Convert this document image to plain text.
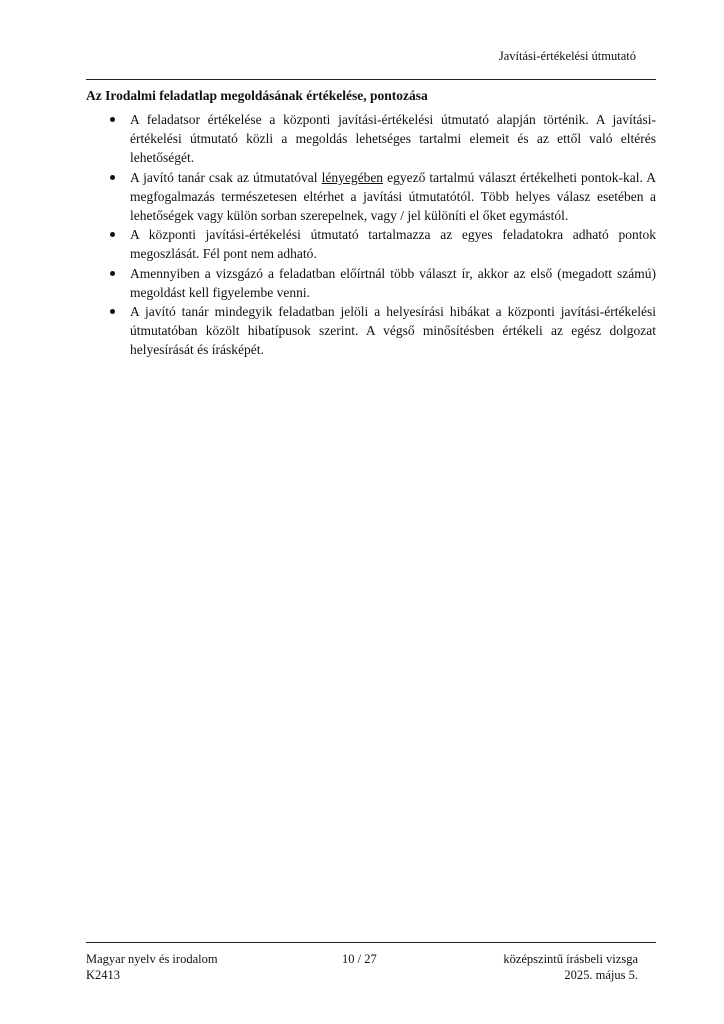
Javítási-értékelési útmutató
Az Irodalmi feladatlap megoldásának értékelése, pontozása
A feladatsor értékelése a központi javítási-értékelési útmutató alapján történik. A javítási-értékelési útmutató közli a megoldás lehetséges tartalmi elemeit és az ettől való eltérés lehetőségét.
A javító tanár csak az útmutatóval lényegében egyező tartalmú választ értékelheti pontok-kal. A megfogalmazás természetesen eltérhet a javítási útmutatótól. Több helyes válasz esetében a lehetőségek vagy külön sorban szerepelnek, vagy / jel különíti el őket egymástól.
A központi javítási-értékelési útmutató tartalmazza az egyes feladatokra adható pontok megoszlását. Fél pont nem adható.
Amennyiben a vizsgázó a feladatban előírtnál több választ ír, akkor az első (megadott számú) megoldást kell figyelembe venni.
A javító tanár mindegyik feladatban jelöli a helyesírási hibákat a központi javítási-értékelési útmutatóban közölt hibatípusok szerint. A végső minősítésben értékeli az egész dolgozat helyesírását és írásképét.
Magyar nyelv és irodalom
K2413
10 / 27	középszintű írásbeli vizsga
2025. május 5.
